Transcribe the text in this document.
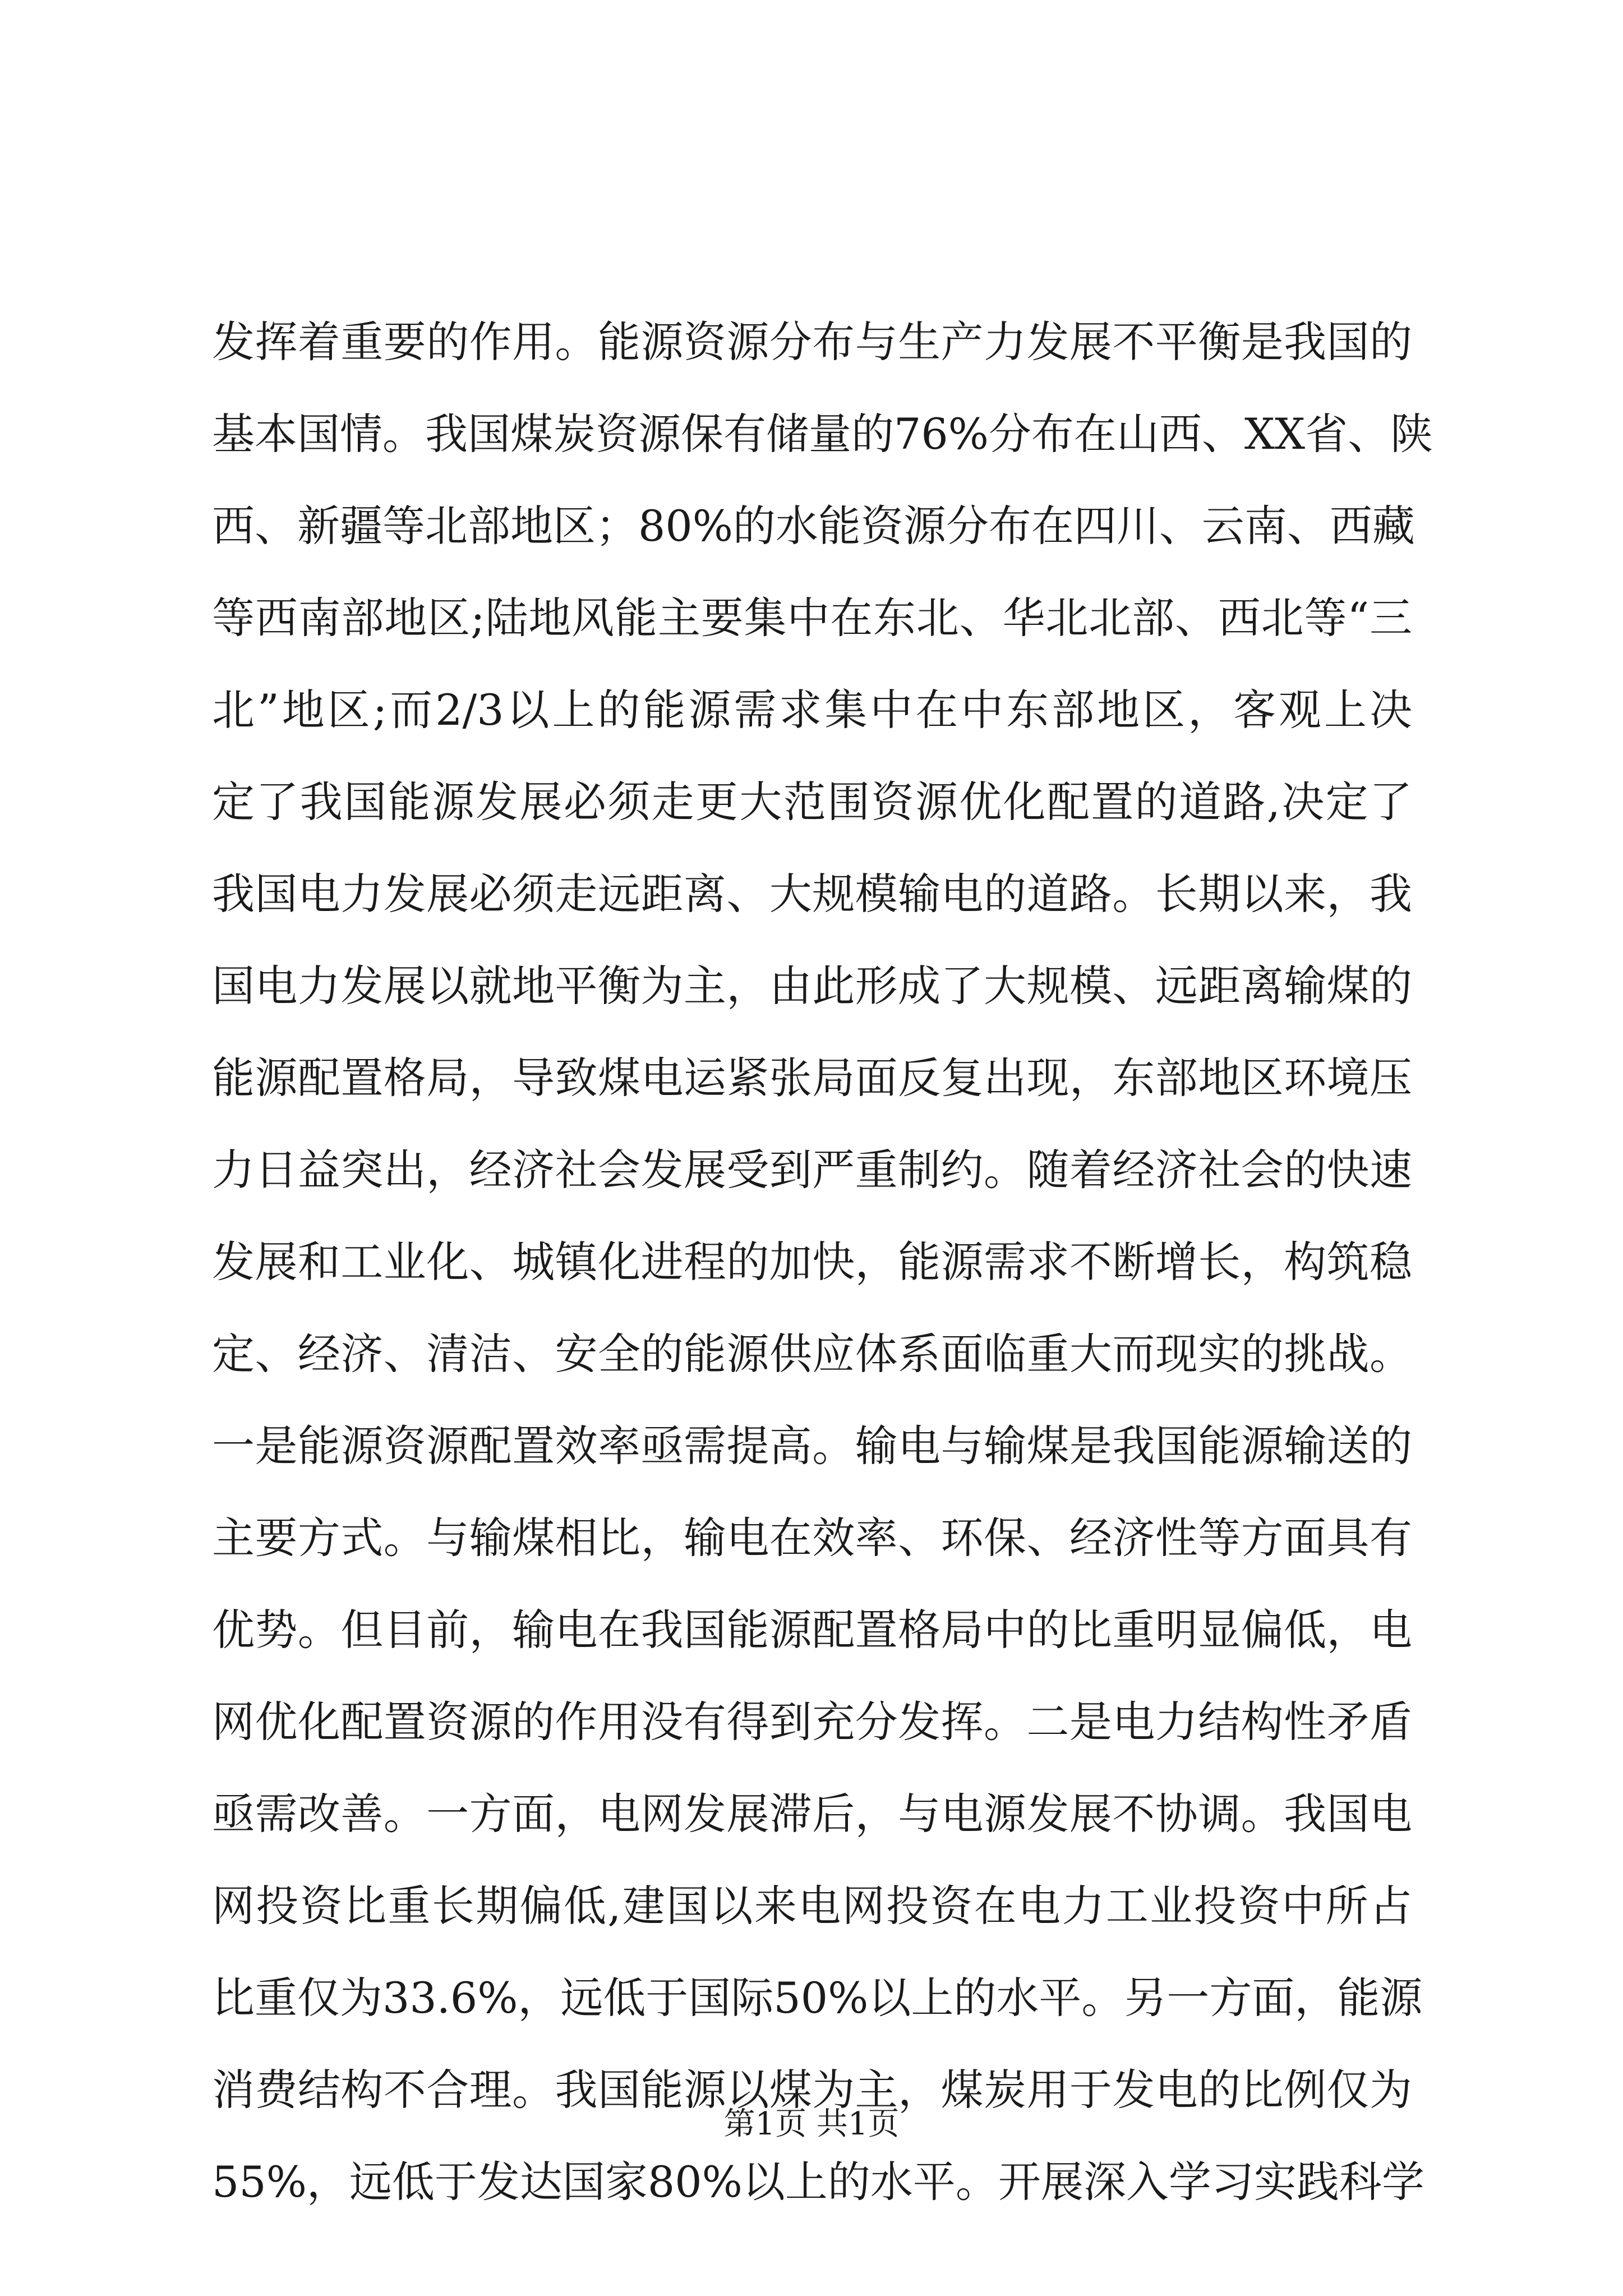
发挥着重要的作用。能源资源分布与生产力发展不平衡是我国的
基本国情。我国煤炭资源保有储量的76%分布在山西、XX省、陕
西、新疆等北部地区；80%的水能资源分布在四川、云南、西藏
等西南部地区;陆地风能主要集中在东北、华北北部、西北等“三
北”地区;而2/3以上的能源需求集中在中东部地区，客观上决
定了我国能源发展必须走更大范围资源优化配置的道路,决定了
我国电力发展必须走远距离、大规模输电的道路。长期以来，我
国电力发展以就地平衡为主，由此形成了大规模、远距离输煤的
能源配置格局，导致煤电运紧张局面反复出现，东部地区环境压
力日益突出，经济社会发展受到严重制约。随着经济社会的快速
发展和工业化、城镇化进程的加快，能源需求不断增长，构筑稳
定、经济、清洁、安全的能源供应体系面临重大而现实的挑战。
一是能源资源配置效率亟需提高。输电与输煤是我国能源输送的
主要方式。与输煤相比，输电在效率、环保、经济性等方面具有
优势。但目前，输电在我国能源配置格局中的比重明显偏低，电
网优化配置资源的作用没有得到充分发挥。二是电力结构性矛盾
亟需改善。一方面，电网发展滞后，与电源发展不协调。我国电
网投资比重长期偏低,建国以来电网投资在电力工业投资中所占
比重仅为33.6%，远低于国际50%以上的水平。另一方面，能源
消费结构不合理。我国能源以煤为主，煤炭用于发电的比例仅为
55%，远低于发达国家80%以上的水平。开展深入学习实践科学
第1页 共1页
